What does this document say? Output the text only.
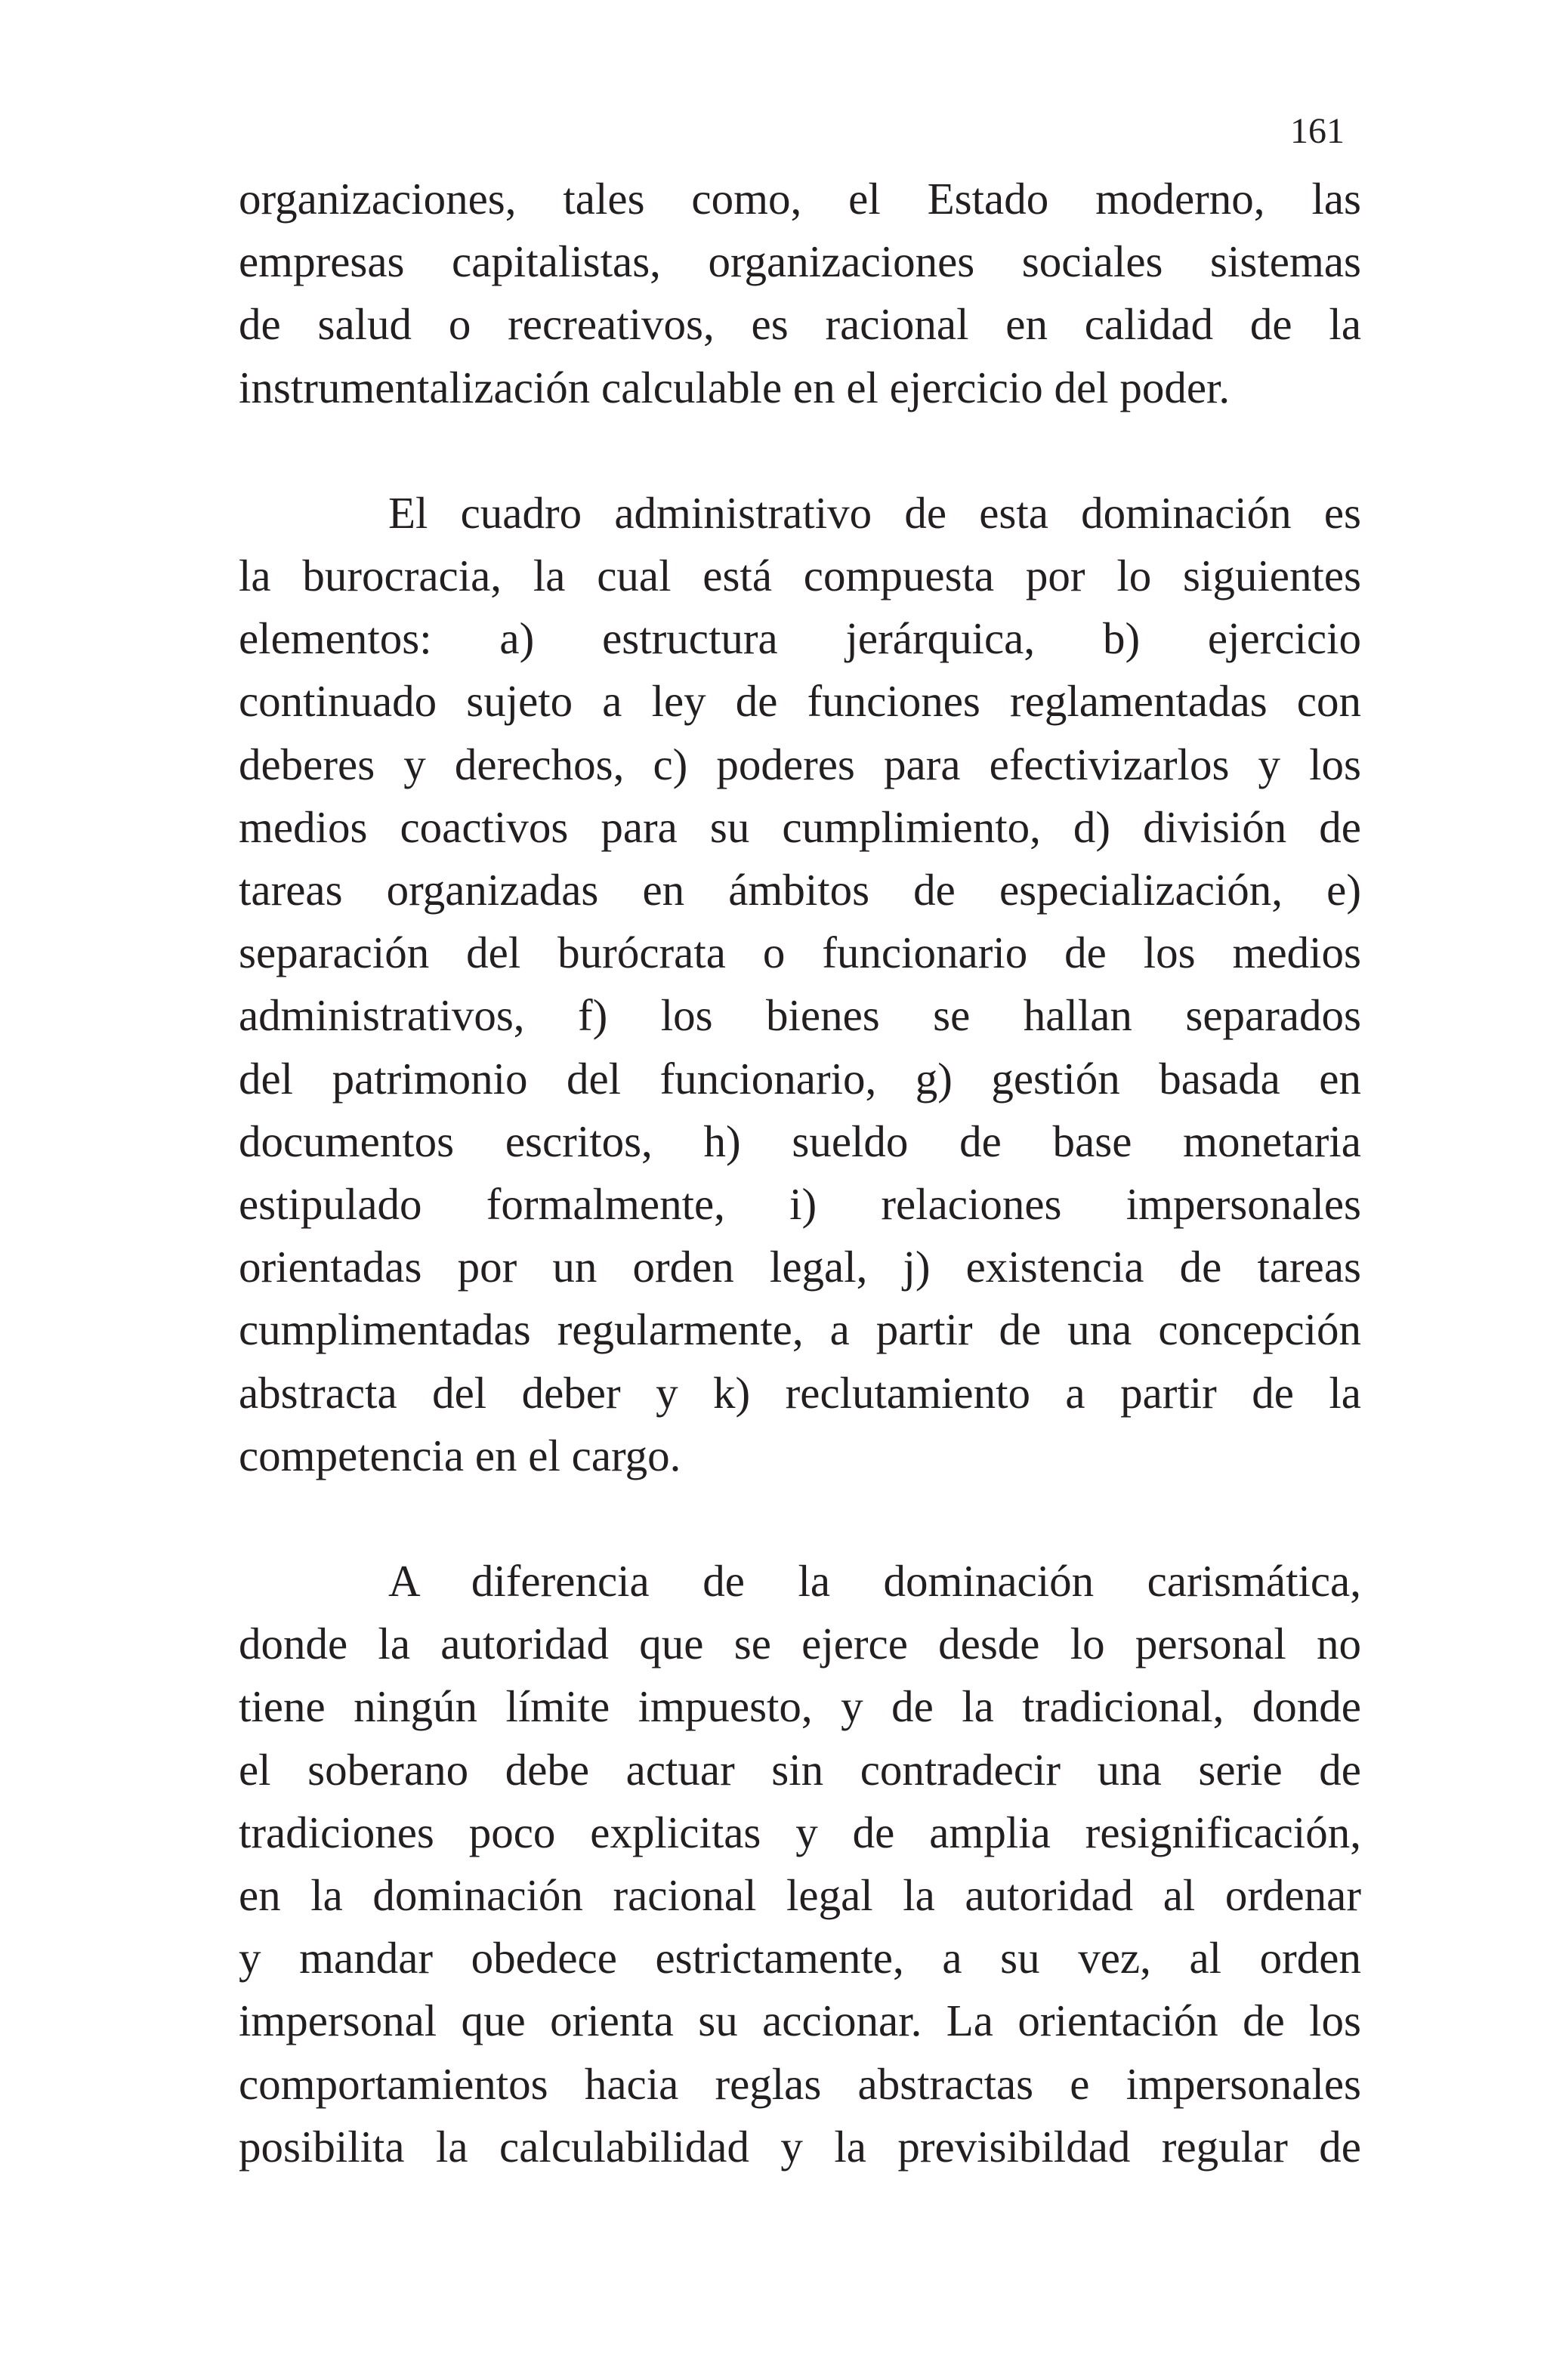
161

organizaciones, tales como, el Estado moderno, las
empresas capitalistas, organizaciones sociales sistemas
de salud o recreativos, es racional en calidad de la
instrumentalización calculable en el ejercicio del poder.

El cuadro administrativo de esta dominación es
la burocracia, la cual está compuesta por lo siguientes
elementos: a) estructura jerárquica, b) ejercicio
continuado sujeto a ley de funciones reglamentadas con
deberes y derechos, c) poderes para efectivizarlos y los
medios coactivos para su cumplimiento, d) división de
tareas organizadas en ámbitos de especialización, e)
separación del burócrata o funcionario de los medios
administrativos, f) los bienes se hallan separados
del patrimonio del funcionario, g) gestión basada en
documentos escritos, h) sueldo de base monetaria
estipulado formalmente, i) relaciones impersonales
orientadas por un orden legal, j) existencia de tareas
cumplimentadas regularmente, a partir de una concepción
abstracta del deber y k) reclutamiento a partir de la
competencia en el cargo.

A diferencia de la dominación carismática,
donde la autoridad que se ejerce desde lo personal no
tiene ningún límite impuesto, y de la tradicional, donde
el soberano debe actuar sin contradecir una serie de
tradiciones poco explicitas y de amplia resignificación,
en la dominación racional legal la autoridad al ordenar
y mandar obedece estrictamente, a su vez, al orden
impersonal que orienta su accionar. La orientación de los
comportamientos hacia reglas abstractas e impersonales
posibilita la calculabilidad y la previsibildad regular de
